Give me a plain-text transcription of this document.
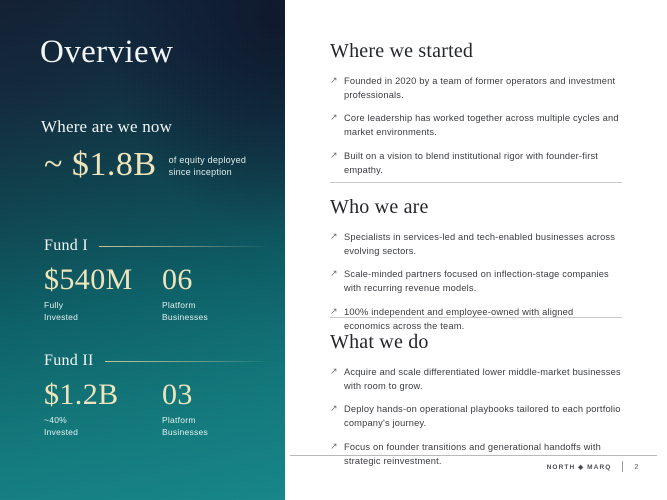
Overview
Where are we now
~ $1.8B of equity deployed
since inception
Fund I
$540M
Fully
Invested
06
Platform
Businesses
Fund II
$1.2B
~40%
Invested
03
Platform
Businesses
Where we started
↗ Founded in 2020 by a team of former operators and investment professionals.
↗ Core leadership has worked together across multiple cycles and market environments.
↗ Built on a vision to blend institutional rigor with founder-first empathy.
Who we are
↗ Specialists in services-led and tech-enabled businesses across evolving sectors.
↗ Scale-minded partners focused on inflection-stage companies with recurring revenue models.
↗ 100% independent and employee-owned with aligned economics across the team.
What we do
↗ Acquire and scale differentiated lower middle-market businesses with room to grow.
↗ Deploy hands-on operational playbooks tailored to each portfolio company's journey.
↗ Focus on founder transitions and generational handoffs with strategic reinvestment.
NORTH ◆ MARQ	2
